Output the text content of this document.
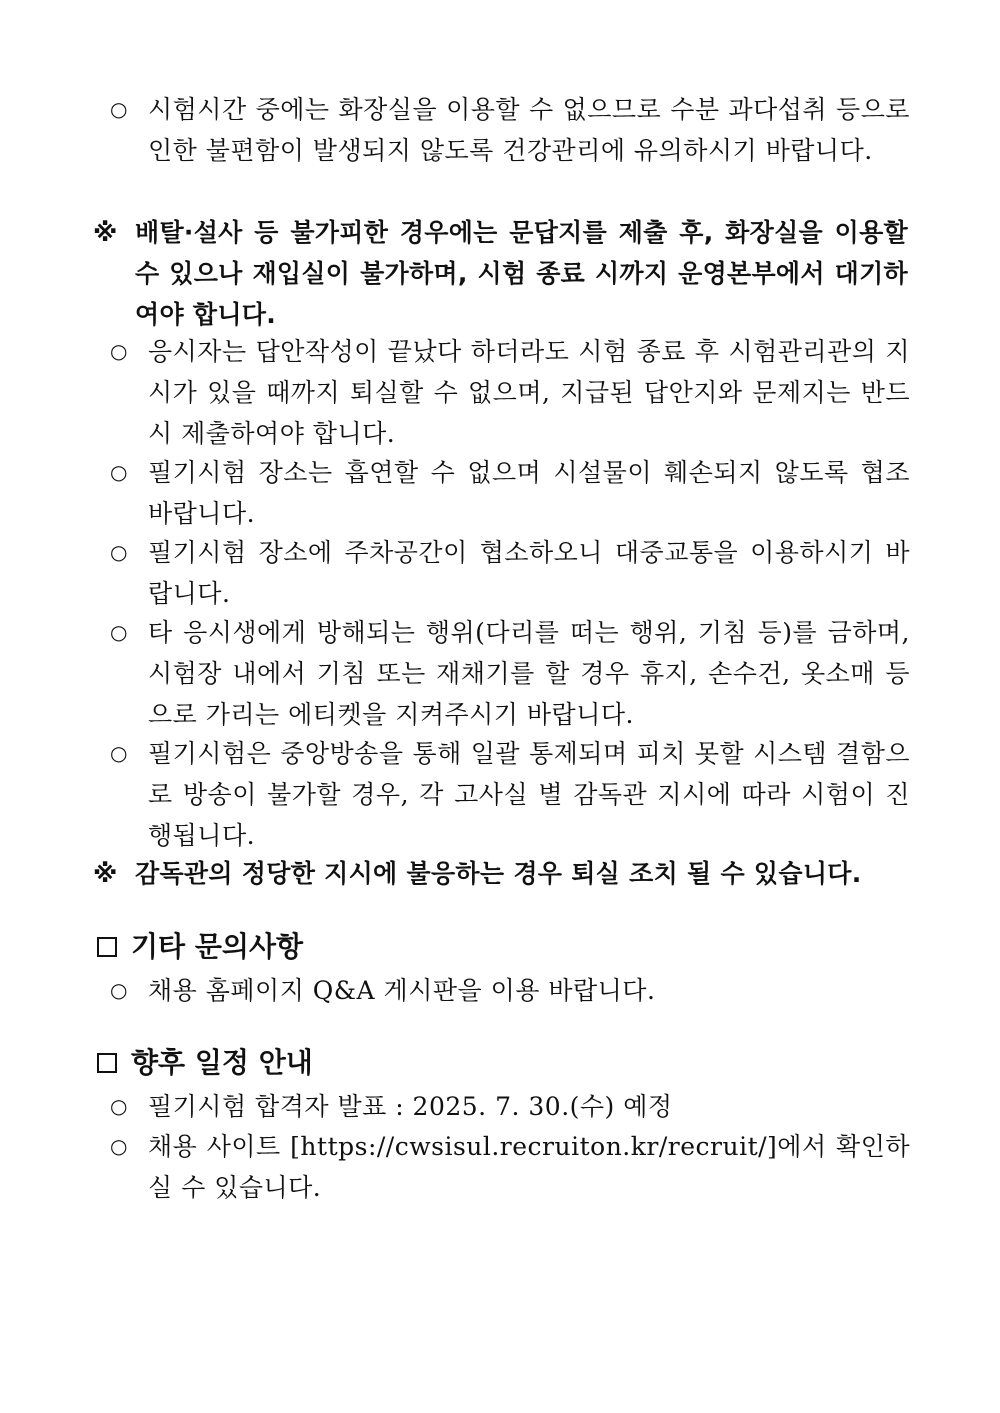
○ 시험시간 중에는 화장실을 이용할 수 없으므로 수분 과다섭취 등으로 인한 불편함이 발생되지 않도록 건강관리에 유의하시기 바랍니다.
※ 배탈·설사 등 불가피한 경우에는 문답지를 제출 후, 화장실을 이용할 수 있으나 재입실이 불가하며, 시험 종료 시까지 운영본부에서 대기하여야 합니다.
○ 응시자는 답안작성이 끝났다 하더라도 시험 종료 후 시험관리관의 지시가 있을 때까지 퇴실할 수 없으며, 지급된 답안지와 문제지는 반드시 제출하여야 합니다.
○ 필기시험 장소는 흡연할 수 없으며 시설물이 훼손되지 않도록 협조 바랍니다.
○ 필기시험 장소에 주차공간이 협소하오니 대중교통을 이용하시기 바랍니다.
○ 타 응시생에게 방해되는 행위(다리를 떠는 행위, 기침 등)를 금하며, 시험장 내에서 기침 또는 재채기를 할 경우 휴지, 손수건, 옷소매 등으로 가리는 에티켓을 지켜주시기 바랍니다.
○ 필기시험은 중앙방송을 통해 일괄 통제되며 피치 못할 시스템 결함으로 방송이 불가할 경우, 각 고사실 별 감독관 지시에 따라 시험이 진행됩니다.
※ 감독관의 정당한 지시에 불응하는 경우 퇴실 조치 될 수 있습니다.
기타 문의사항
○ 채용 홈페이지 Q&A 게시판을 이용 바랍니다.
향후 일정 안내
○ 필기시험 합격자 발표 : 2025. 7. 30.(수) 예정
○ 채용 사이트 [https://cwsisul.recruiton.kr/recruit/]에서 확인하실 수 있습니다.
